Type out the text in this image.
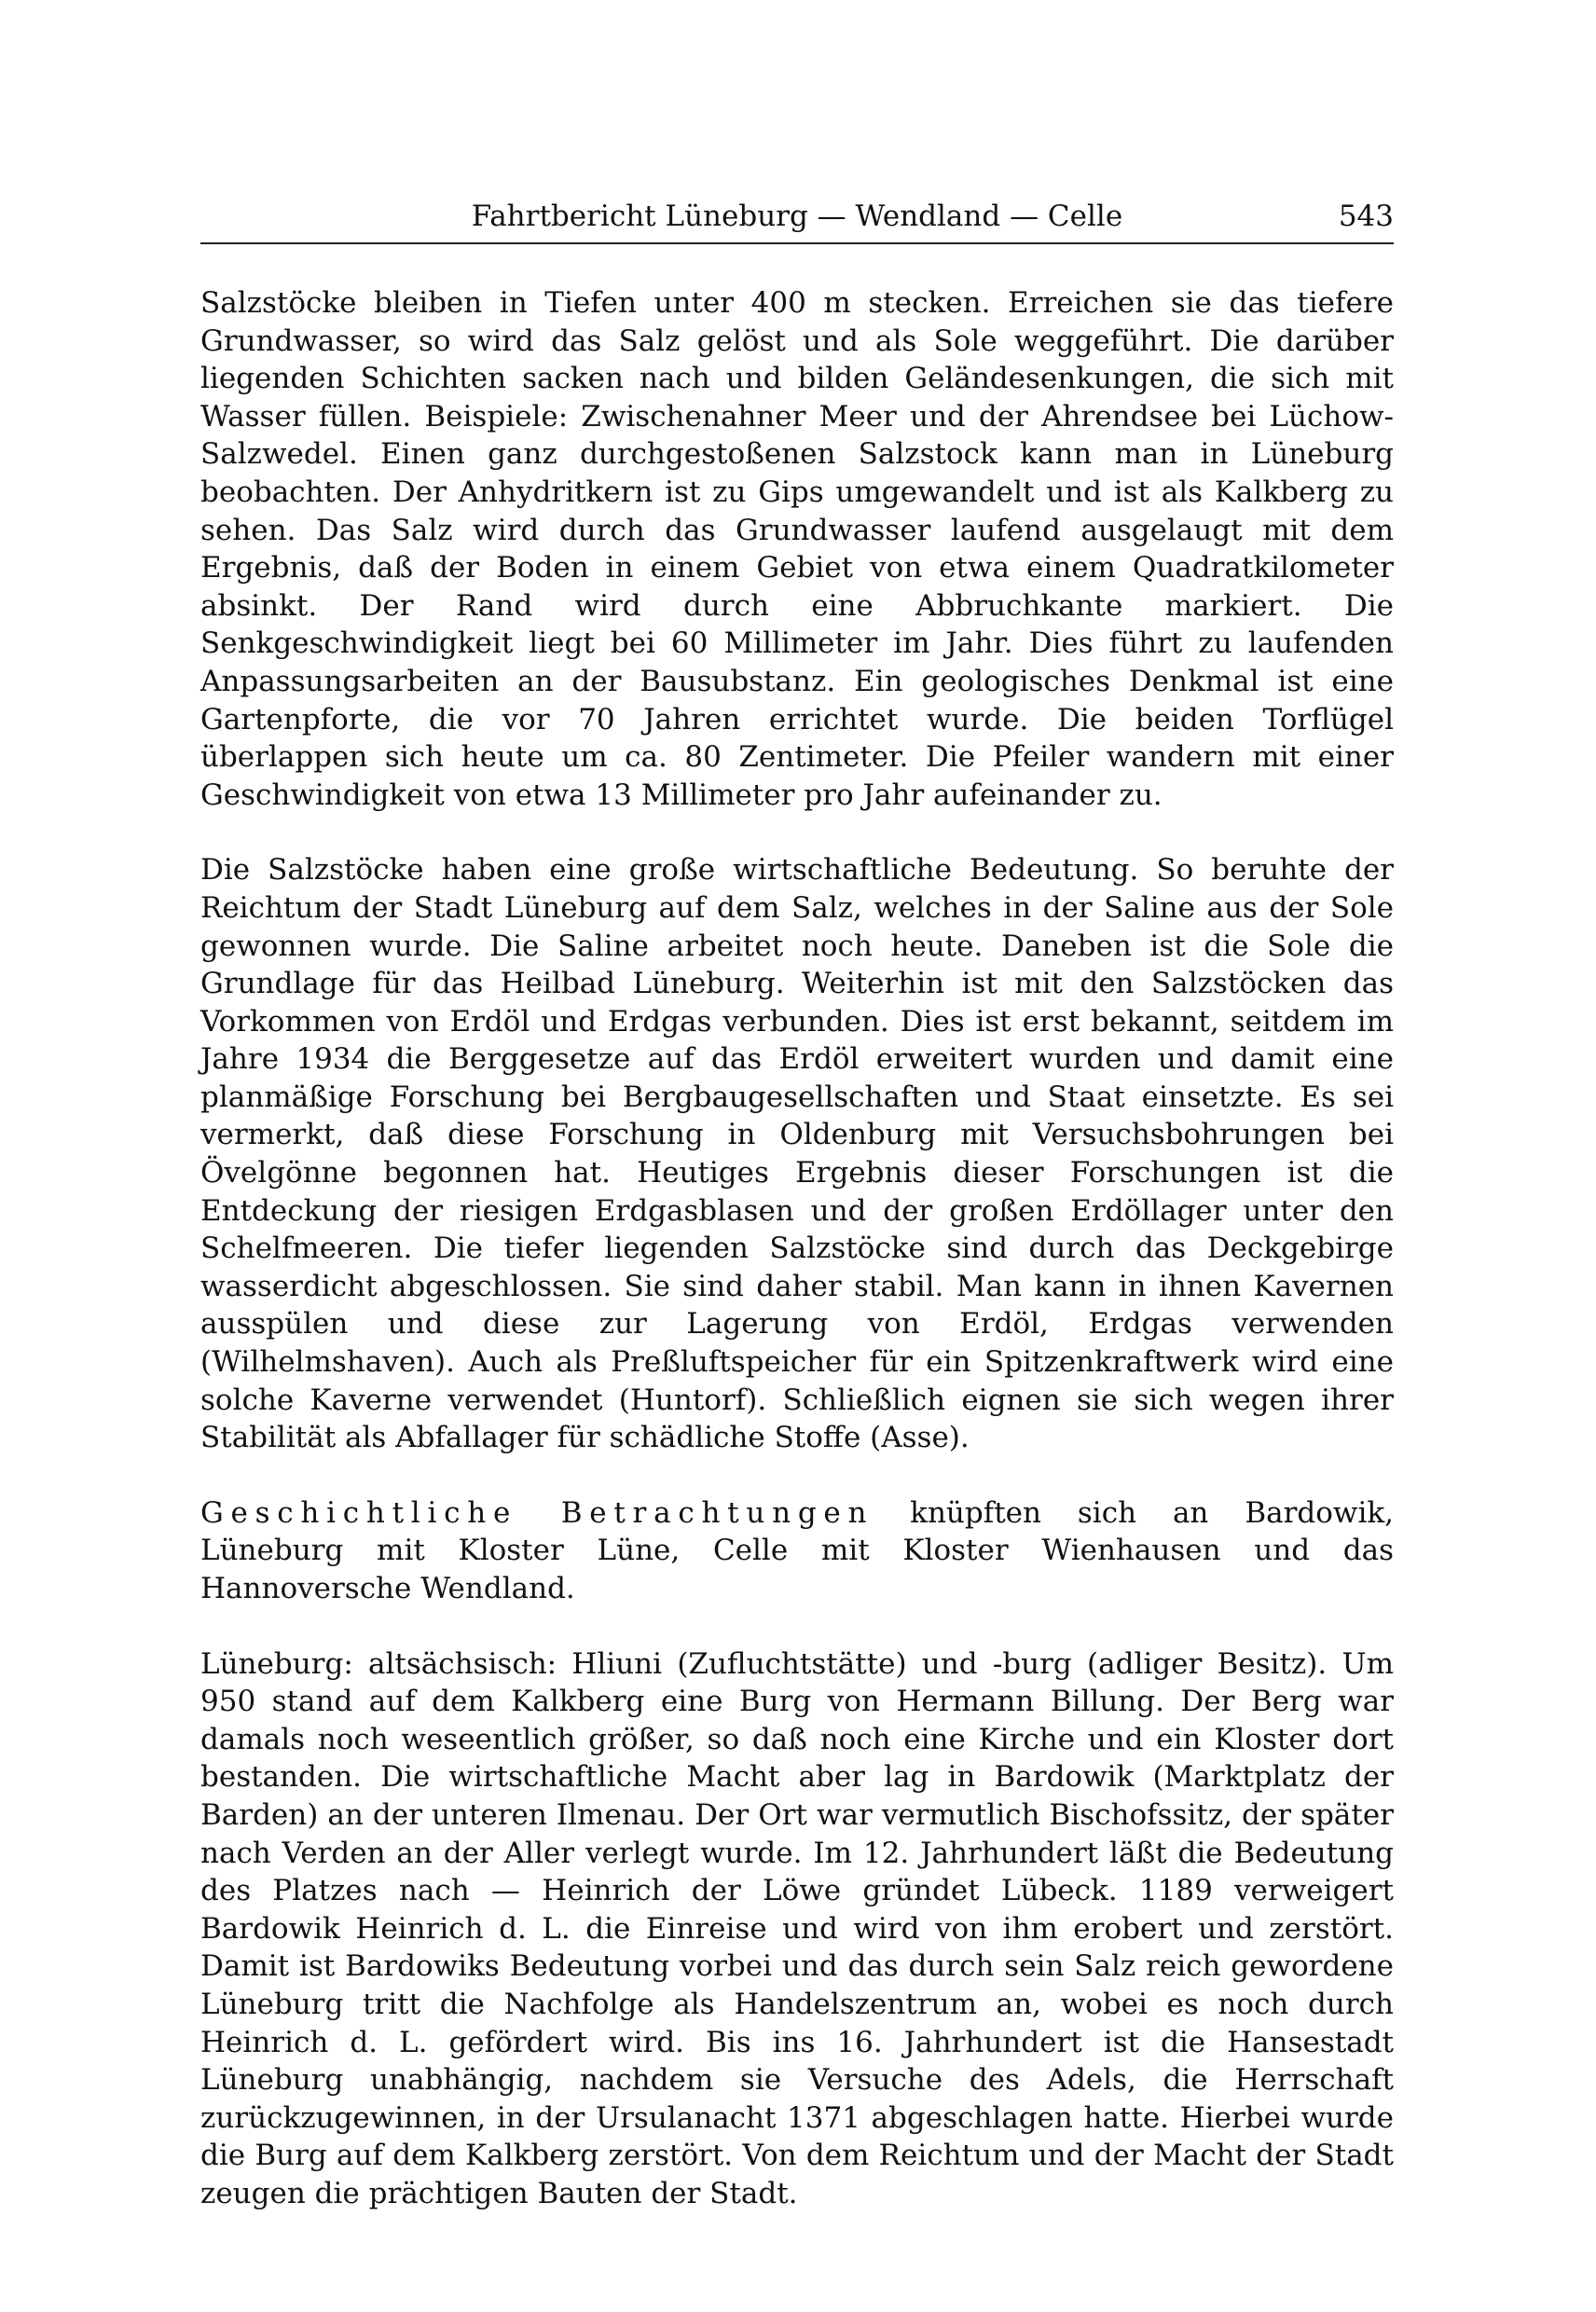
Fahrtbericht Lüneburg — Wendland — Celle	543

Salzstöcke bleiben in Tiefen unter 400 m stecken. Erreichen sie das tiefere Grundwasser, so wird das Salz gelöst und als Sole weggeführt. Die darüber liegenden Schichten sacken nach und bilden Geländesenkungen, die sich mit Wasser füllen. Beispiele: Zwischenahner Meer und der Ahrendsee bei Lüchow-Salzwedel. Einen ganz durchgestoßenen Salzstock kann man in Lüneburg beobachten. Der Anhydritkern ist zu Gips umgewandelt und ist als Kalkberg zu sehen. Das Salz wird durch das Grundwasser laufend ausgelaugt mit dem Ergebnis, daß der Boden in einem Gebiet von etwa einem Quadratkilometer absinkt. Der Rand wird durch eine Abbruchkante markiert. Die Senkgeschwindigkeit liegt bei 60 Millimeter im Jahr. Dies führt zu laufenden Anpassungsarbeiten an der Bausubstanz. Ein geologisches Denkmal ist eine Gartenpforte, die vor 70 Jahren errichtet wurde. Die beiden Torflügel überlappen sich heute um ca. 80 Zentimeter. Die Pfeiler wandern mit einer Geschwindigkeit von etwa 13 Millimeter pro Jahr aufeinander zu.

Die Salzstöcke haben eine große wirtschaftliche Bedeutung. So beruhte der Reichtum der Stadt Lüneburg auf dem Salz, welches in der Saline aus der Sole gewonnen wurde. Die Saline arbeitet noch heute. Daneben ist die Sole die Grundlage für das Heilbad Lüneburg. Weiterhin ist mit den Salzstöcken das Vorkommen von Erdöl und Erdgas verbunden. Dies ist erst bekannt, seitdem im Jahre 1934 die Berggesetze auf das Erdöl erweitert wurden und damit eine planmäßige Forschung bei Bergbaugesellschaften und Staat einsetzte. Es sei vermerkt, daß diese Forschung in Oldenburg mit Versuchsbohrungen bei Övelgönne begonnen hat. Heutiges Ergebnis dieser Forschungen ist die Entdeckung der riesigen Erdgasblasen und der großen Erdöllager unter den Schelfmeeren. Die tiefer liegenden Salzstöcke sind durch das Deckgebirge wasserdicht abgeschlossen. Sie sind daher stabil. Man kann in ihnen Kavernen ausspülen und diese zur Lagerung von Erdöl, Erdgas verwenden (Wilhelmshaven). Auch als Preßluftspeicher für ein Spitzenkraftwerk wird eine solche Kaverne verwendet (Huntorf). Schließlich eignen sie sich wegen ihrer Stabilität als Abfallager für schädliche Stoffe (Asse).

Geschichtliche Betrachtungen knüpften sich an Bardowik, Lüneburg mit Kloster Lüne, Celle mit Kloster Wienhausen und das Hannoversche Wendland.

Lüneburg: altsächsisch: Hliuni (Zufluchtstätte) und -burg (adliger Besitz). Um 950 stand auf dem Kalkberg eine Burg von Hermann Billung. Der Berg war damals noch weseentlich größer, so daß noch eine Kirche und ein Kloster dort bestanden. Die wirtschaftliche Macht aber lag in Bardowik (Marktplatz der Barden) an der unteren Ilmenau. Der Ort war vermutlich Bischofssitz, der später nach Verden an der Aller verlegt wurde. Im 12. Jahrhundert läßt die Bedeutung des Platzes nach — Heinrich der Löwe gründet Lübeck. 1189 verweigert Bardowik Heinrich d. L. die Einreise und wird von ihm erobert und zerstört. Damit ist Bardowiks Bedeutung vorbei und das durch sein Salz reich gewordene Lüneburg tritt die Nachfolge als Handelszentrum an, wobei es noch durch Heinrich d. L. gefördert wird. Bis ins 16. Jahrhundert ist die Hansestadt Lüneburg unabhängig, nachdem sie Versuche des Adels, die Herrschaft zurückzugewinnen, in der Ursulanacht 1371 abgeschlagen hatte. Hierbei wurde die Burg auf dem Kalkberg zerstört. Von dem Reichtum und der Macht der Stadt zeugen die prächtigen Bauten der Stadt.
